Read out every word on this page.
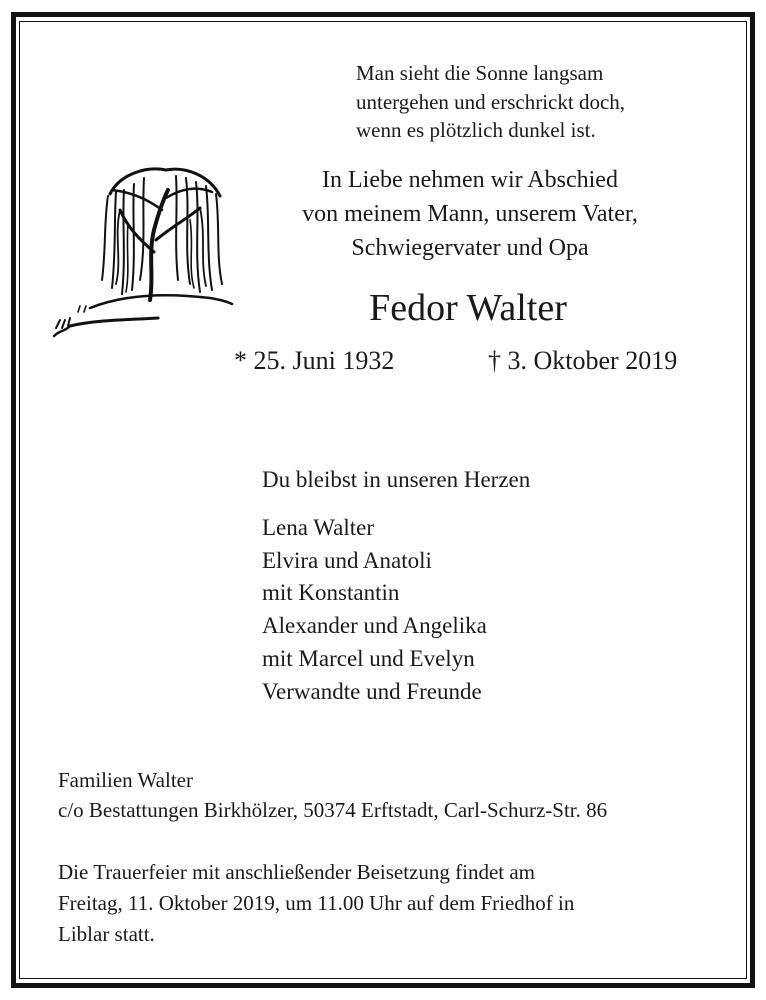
Man sieht die Sonne langsam
untergehen und erschrickt doch,
wenn es plötzlich dunkel ist.
In Liebe nehmen wir Abschied
von meinem Mann, unserem Vater,
Schwiegervater und Opa
Fedor Walter
* 25. Juni 1932	† 3. Oktober 2019
Du bleibst in unseren Herzen
Lena Walter
Elvira und Anatoli
mit Konstantin
Alexander und Angelika
mit Marcel und Evelyn
Verwandte und Freunde
Familien Walter
c/o Bestattungen Birkhölzer, 50374 Erftstadt, Carl-Schurz-Str. 86
Die Trauerfeier mit anschließender Beisetzung findet am
Freitag, 11. Oktober 2019, um 11.00 Uhr auf dem Friedhof in
Liblar statt.
